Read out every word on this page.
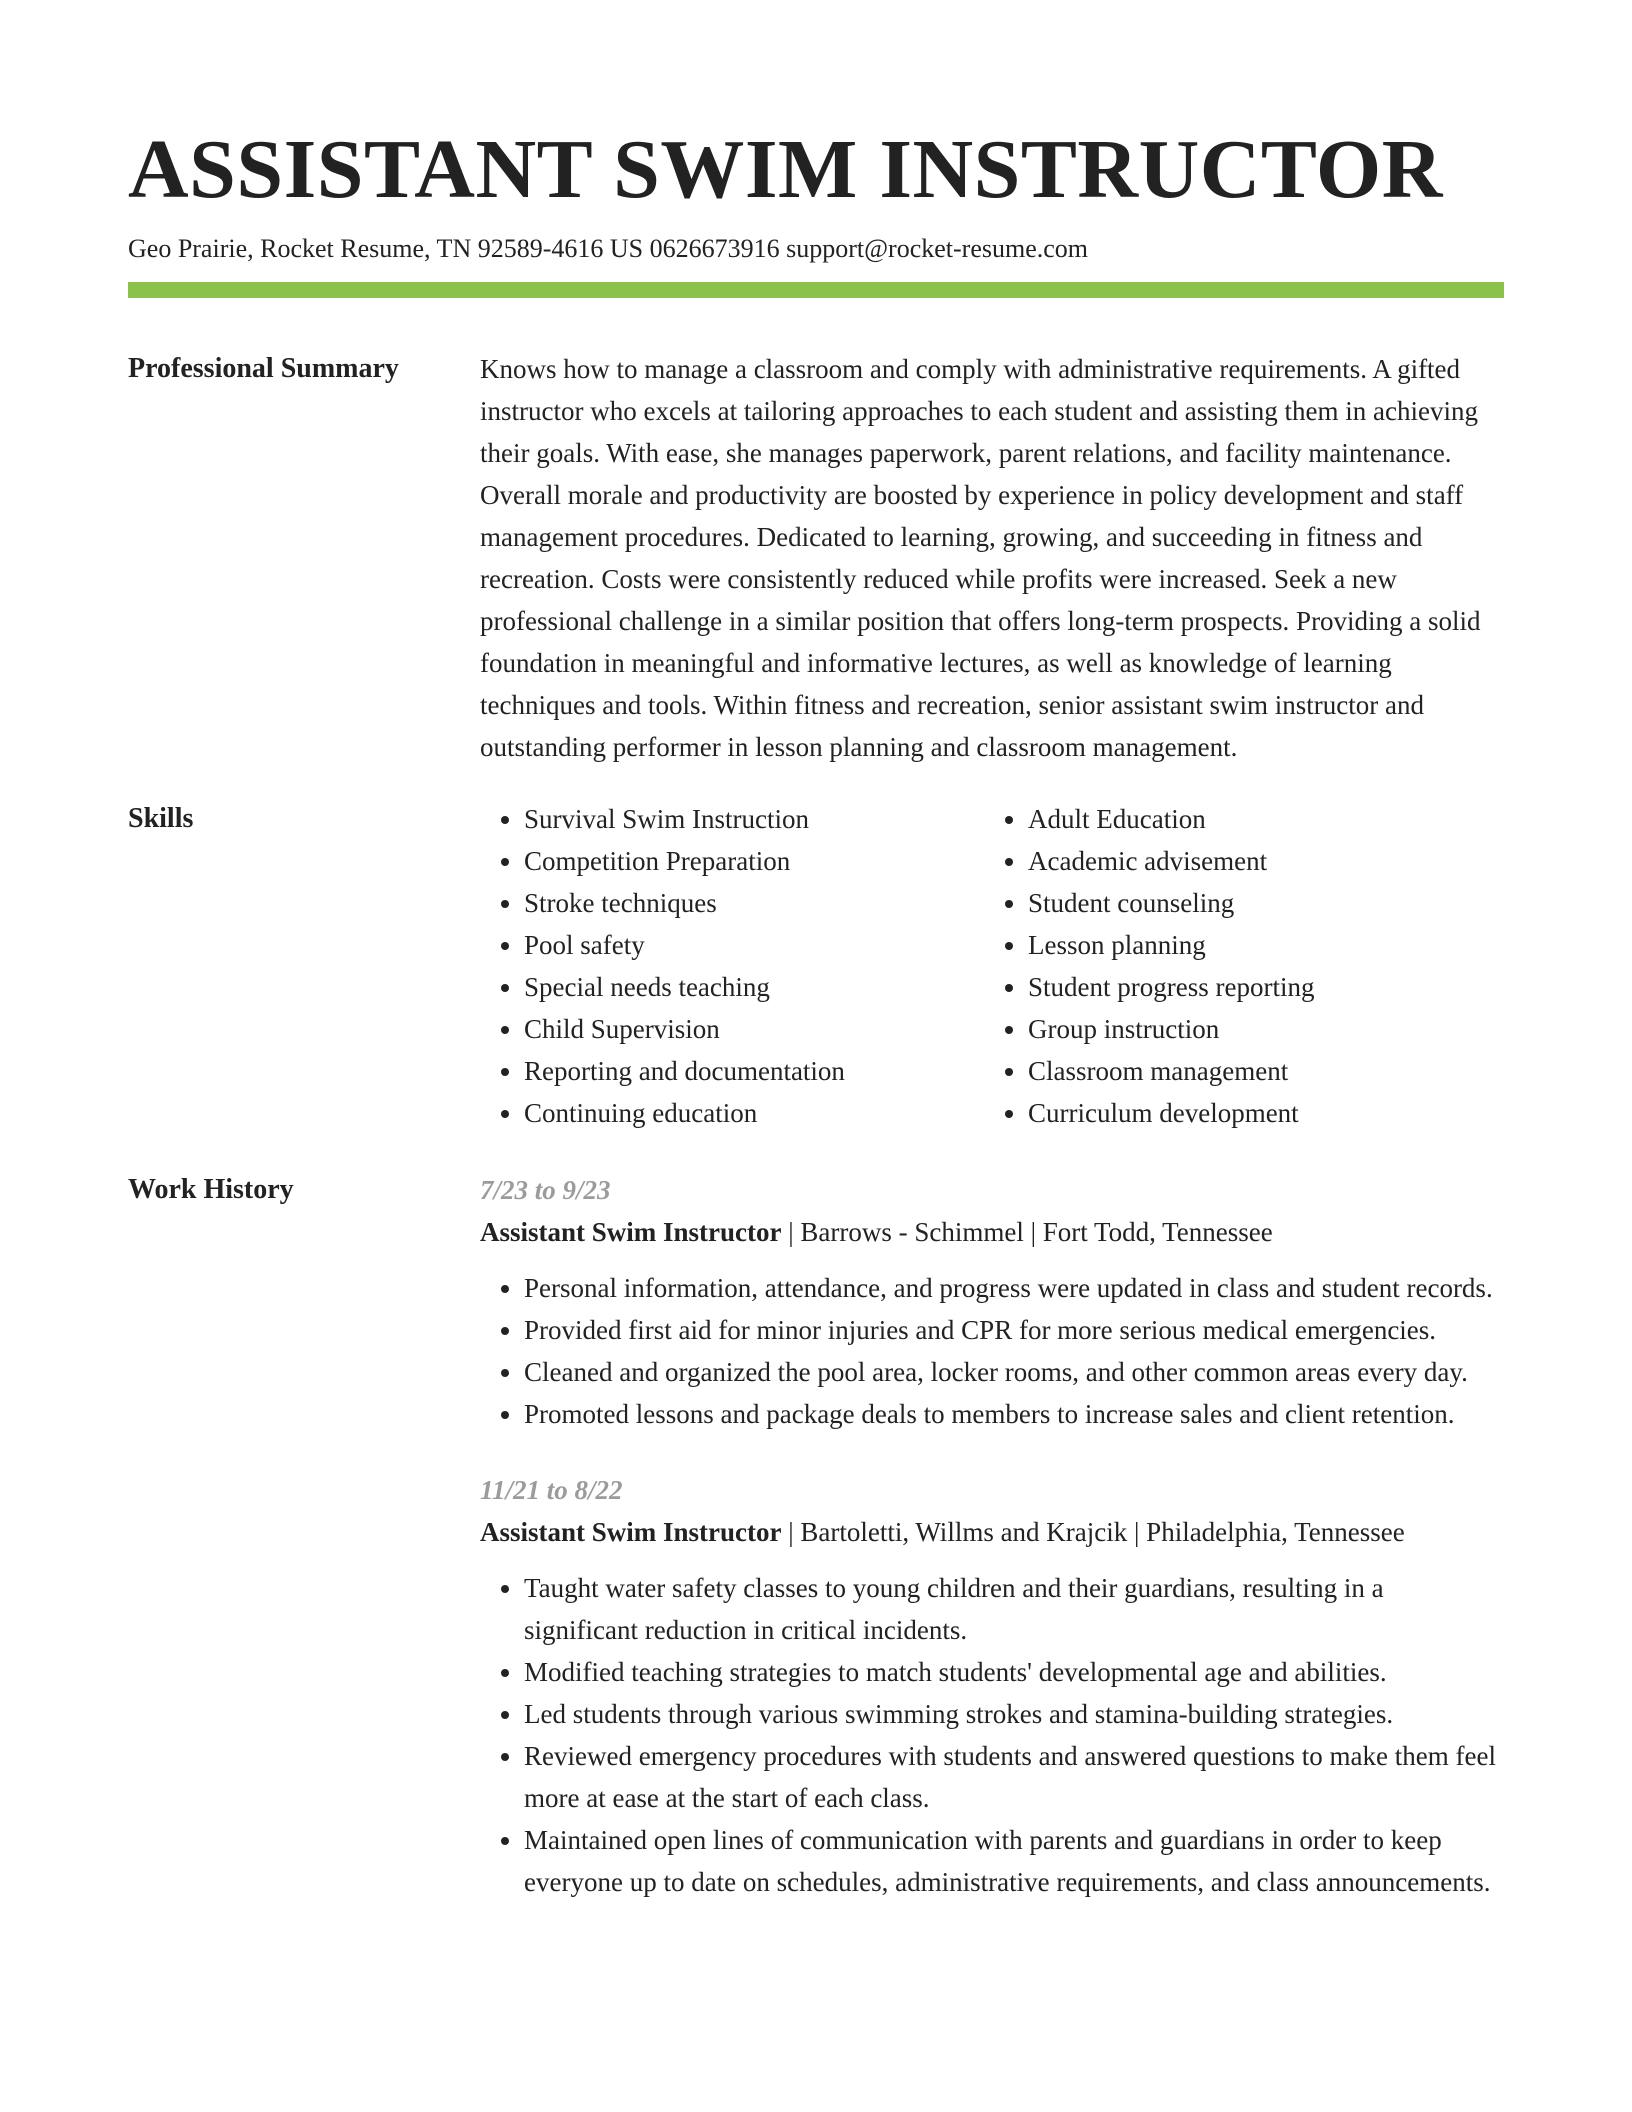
ASSISTANT SWIM INSTRUCTOR
Geo Prairie, Rocket Resume, TN 92589-4616 US 0626673916 support@rocket-resume.com
Professional Summary	Knows how to manage a classroom and comply with administrative requirements. A gifted instructor who excels at tailoring approaches to each student and assisting them in achieving their goals. With ease, she manages paperwork, parent relations, and facility maintenance. Overall morale and productivity are boosted by experience in policy development and staff management procedures. Dedicated to learning, growing, and succeeding in fitness and recreation. Costs were consistently reduced while profits were increased. Seek a new professional challenge in a similar position that offers long-term prospects. Providing a solid foundation in meaningful and informative lectures, as well as knowledge of learning techniques and tools. Within fitness and recreation, senior assistant swim instructor and outstanding performer in lesson planning and classroom management.

Skills
•	Survival Swim Instruction
• Competition Preparation
• Stroke techniques
• Pool safety
• Special needs teaching
• Child Supervision
• Reporting and documentation
• Continuing education
• Adult Education
• Academic advisement
• Student counseling
• Lesson planning
• Student progress reporting
• Group instruction
• Classroom management
• Curriculum development
Work History	7/23 to 9/23
Assistant Swim Instructor | Barrows - Schimmel | Fort Todd, Tennessee
• Personal information, attendance, and progress were updated in class and student records.
• Provided first aid for minor injuries and CPR for more serious medical emergencies.
• Cleaned and organized the pool area, locker rooms, and other common areas every day.
• Promoted lessons and package deals to members to increase sales and client retention.
11/21 to 8/22
Assistant Swim Instructor | Bartoletti, Willms and Krajcik | Philadelphia, Tennessee
• Taught water safety classes to young children and their guardians, resulting in a significant reduction in critical incidents.
• Modified teaching strategies to match students' developmental age and abilities.
• Led students through various swimming strokes and stamina-building strategies.
• Reviewed emergency procedures with students and answered questions to make them feel more at ease at the start of each class.
• Maintained open lines of communication with parents and guardians in order to keep everyone up to date on schedules, administrative requirements, and class announcements.
